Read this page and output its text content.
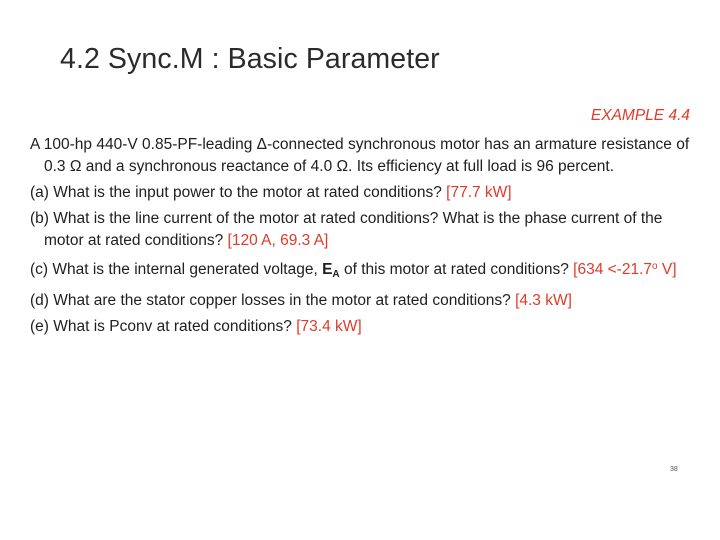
4.2 Sync.M : Basic Parameter
EXAMPLE 4.4

A 100-hp 440-V 0.85-PF-leading Δ-connected synchronous motor has an armature resistance of 0.3 Ω and a synchronous reactance of 4.0 Ω. Its efficiency at full load is 96 percent.

(a) What is the input power to the motor at rated conditions? [77.7 kW]

(b) What is the line current of the motor at rated conditions? What is the phase current of the motor at rated conditions? [120 A, 69.3 A]

(c) What is the internal generated voltage, $E_A$ of this motor at rated conditions? [$634 <-21.7^o$ V]

(d) What are the stator copper losses in the motor at rated conditions? [4.3 kW]

(e) What is Pconv at rated conditions? [73.4 kW]

38
